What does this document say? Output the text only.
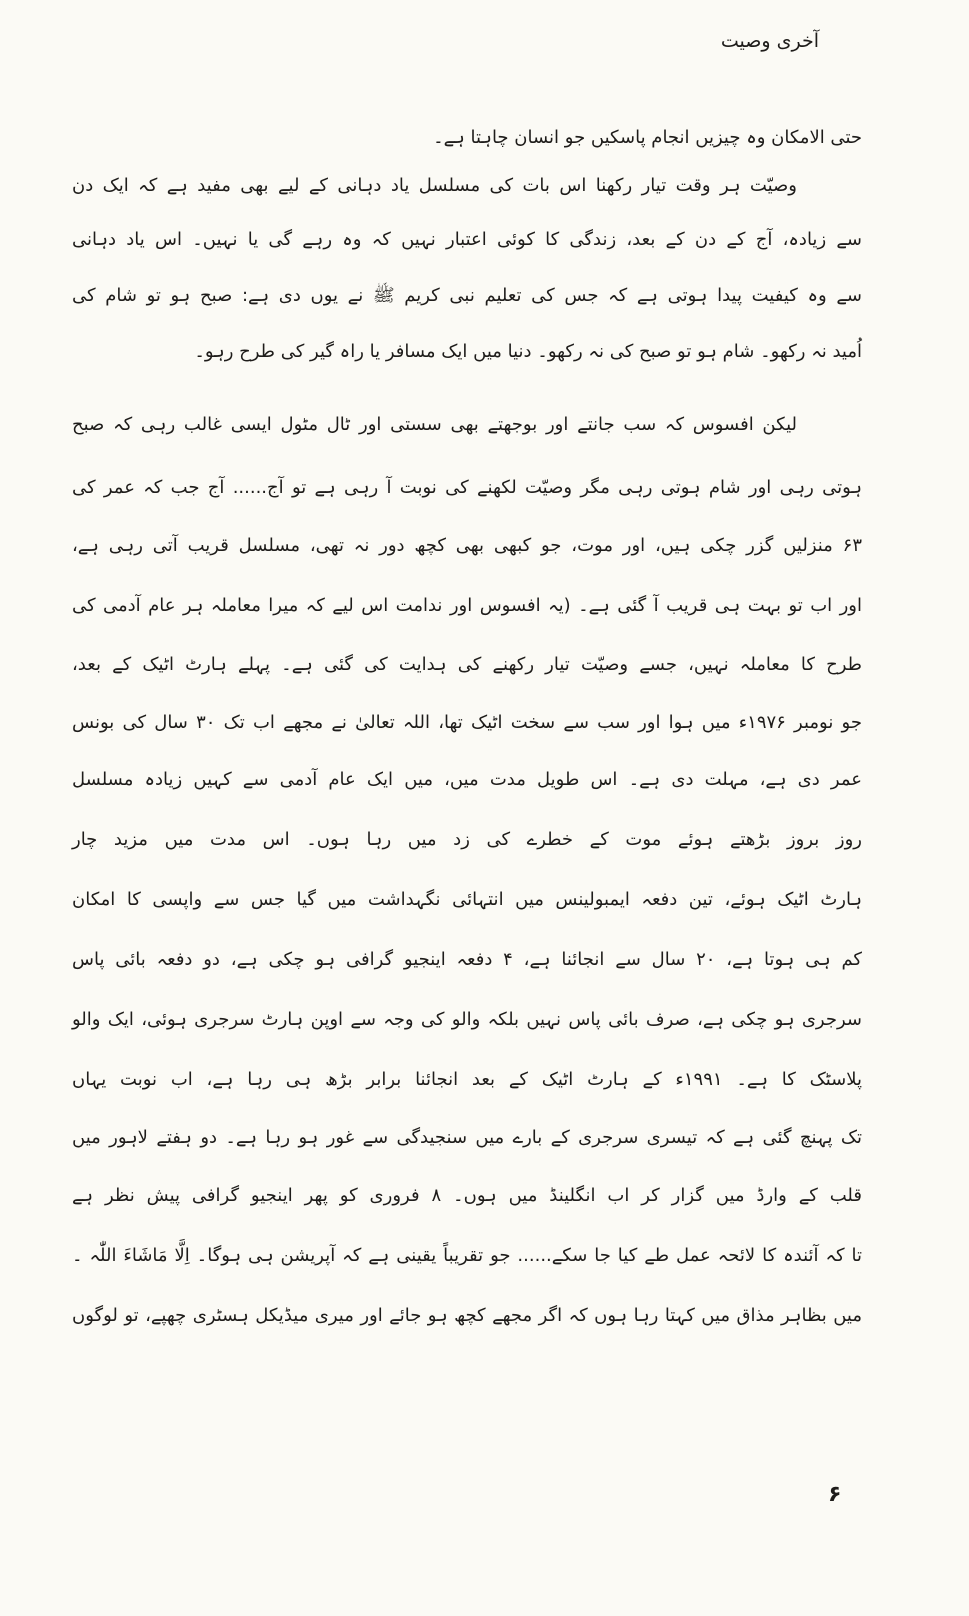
آخری وصیت
حتی الامکان وہ چیزیں انجام پاسکیں جو انسان چاہتا ہے۔
وصیّت ہر وقت تیار رکھنا اس بات کی مسلسل یاد دہانی کے لیے بھی مفید ہے کہ ایک دن
سے زیادہ، آج کے دن کے بعد، زندگی کا کوئی اعتبار نہیں کہ وہ رہے گی یا نہیں۔ اس یاد دہانی
سے وہ کیفیت پیدا ہوتی ہے کہ جس کی تعلیم نبی کریم ﷺ نے یوں دی ہے: صبح ہو تو شام کی
اُمید نہ رکھو۔ شام ہو تو صبح کی نہ رکھو۔ دنیا میں ایک مسافر یا راہ گیر کی طرح رہو۔
لیکن افسوس کہ سب جانتے اور بوجھتے بھی سستی اور ٹال مٹول ایسی غالب رہی کہ صبح
ہوتی رہی اور شام ہوتی رہی مگر وصیّت لکھنے کی نوبت آ رہی ہے تو آج...... آج جب کہ عمر کی
۶۳ منزلیں گزر چکی ہیں، اور موت، جو کبھی بھی کچھ دور نہ تھی، مسلسل قریب آتی رہی ہے،
اور اب تو بہت ہی قریب آ گئی ہے۔ (یہ افسوس اور ندامت اس لیے کہ میرا معاملہ ہر عام آدمی کی
طرح کا معاملہ نہیں، جسے وصیّت تیار رکھنے کی ہدایت کی گئی ہے۔ پہلے ہارٹ اٹیک کے بعد،
جو نومبر ۱۹۷۶ء میں ہوا اور سب سے سخت اٹیک تھا، اللہ تعالیٰ نے مجھے اب تک ۳۰ سال کی بونس
عمر دی ہے، مہلت دی ہے۔ اس طویل مدت میں، میں ایک عام آدمی سے کہیں زیادہ مسلسل
روز بروز بڑھتے ہوئے موت کے خطرے کی زد میں رہا ہوں۔ اس مدت میں مزید چار
ہارٹ اٹیک ہوئے، تین دفعہ ایمبولینس میں انتہائی نگہداشت میں گیا جس سے واپسی کا امکان
کم ہی ہوتا ہے، ۲۰ سال سے انجائنا ہے، ۴ دفعہ اینجیو گرافی ہو چکی ہے، دو دفعہ بائی پاس
سرجری ہو چکی ہے، صرف بائی پاس نہیں بلکہ والو کی وجہ سے اوپن ہارٹ سرجری ہوئی، ایک والو
پلاسٹک کا ہے۔ ۱۹۹۱ء کے ہارٹ اٹیک کے بعد انجائنا برابر بڑھ ہی رہا ہے، اب نوبت یہاں
تک پہنچ گئی ہے کہ تیسری سرجری کے بارے میں سنجیدگی سے غور ہو رہا ہے۔ دو ہفتے لاہور میں
قلب کے وارڈ میں گزار کر اب انگلینڈ میں ہوں۔ ۸ فروری کو پھر اینجیو گرافی پیش نظر ہے
تا کہ آئندہ کا لائحہ عمل طے کیا جا سکے...... جو تقریباً یقینی ہے کہ آپریشن ہی ہوگا۔ اِلَّا مَاشَاءَ اللّٰہ ۔
میں بظاہر مذاق میں کہتا رہا ہوں کہ اگر مجھے کچھ ہو جائے اور میری میڈیکل ہسٹری چھپے، تو لوگوں
۶
